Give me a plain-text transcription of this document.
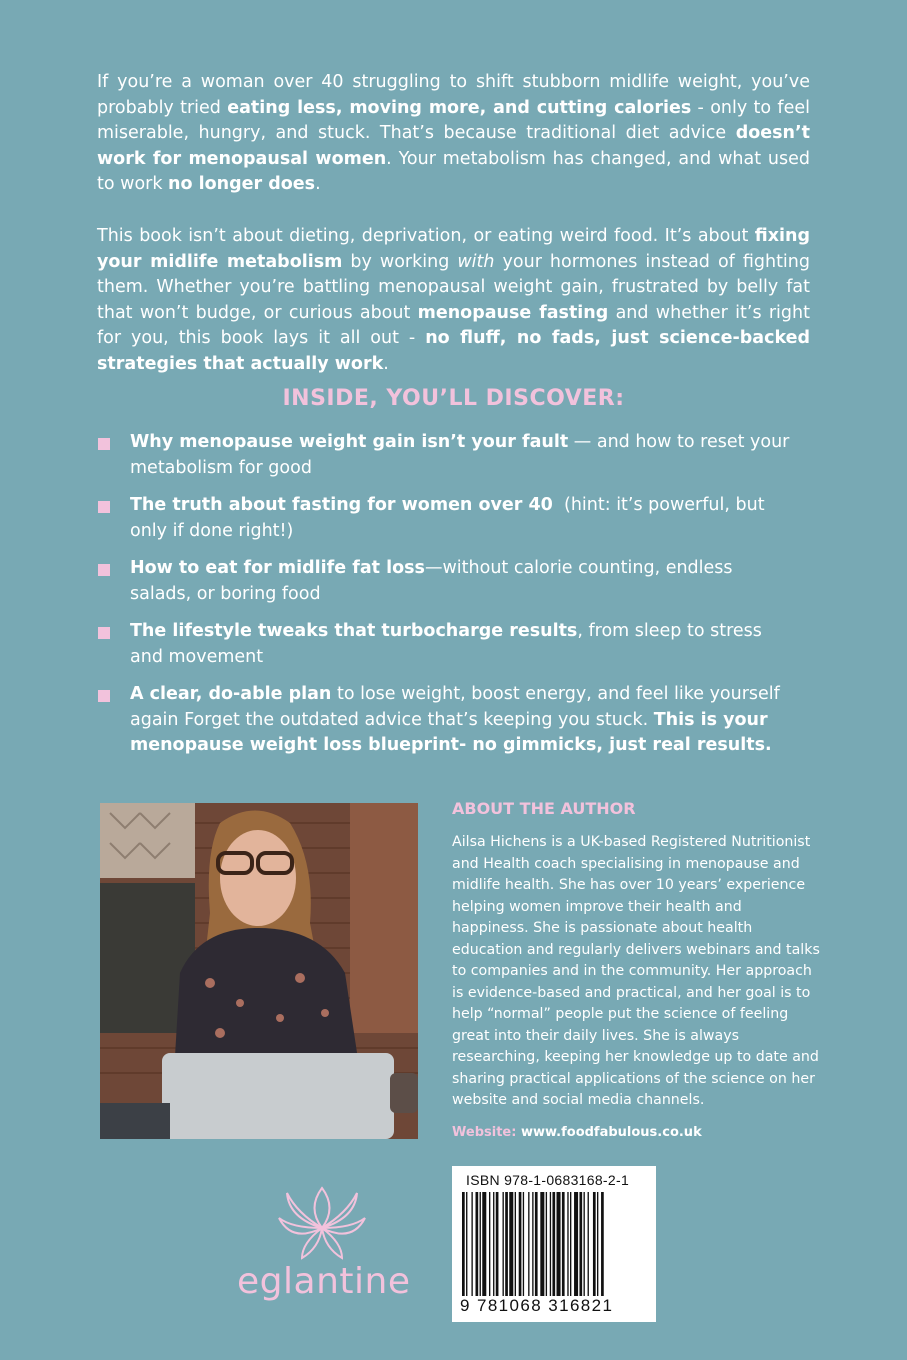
If you’re a woman over 40 struggling to shift stubborn midlife weight, you’ve probably tried eating less, moving more, and cutting calories - only to feel miserable, hungry, and stuck. That’s because traditional diet advice doesn’t work for menopausal women. Your metabolism has changed, and what used to work no longer does.

This book isn’t about dieting, deprivation, or eating weird food. It’s about fixing your midlife metabolism by working with your hormones instead of fighting them. Whether you’re battling menopausal weight gain, frustrated by belly fat that won’t budge, or curious about menopause fasting and whether it’s right for you, this book lays it all out - no fluff, no fads, just science-backed strategies that actually work.

INSIDE, YOU’LL DISCOVER:
Why menopause weight gain isn’t your fault — and how to reset your metabolism for good
The truth about fasting for women over 40  (hint: it’s powerful, but only if done right!)
How to eat for midlife fat loss—without calorie counting, endless salads, or boring food
The lifestyle tweaks that turbocharge results, from sleep to stress and movement
A clear, do-able plan to lose weight, boost energy, and feel like yourself again Forget the outdated advice that’s keeping you stuck. This is your menopause weight loss blueprint- no gimmicks, just real results.
ABOUT THE AUTHOR

Ailsa Hichens is a UK-based Registered Nutritionist and Health coach specialising in menopause and midlife health. She has over 10 years’ experience helping women improve their health and happiness. She is passionate about health education and regularly delivers webinars and talks to companies and in the community. Her approach is evidence-based and practical, and her goal is to help “normal” people put the science of feeling great into their daily lives. She is always researching, keeping her knowledge up to date and sharing practical applications of the science on her website and social media channels.

Website: www.foodfabulous.co.uk
eglantine
ISBN 978-1-0683168-2-1
9 781068 316821
